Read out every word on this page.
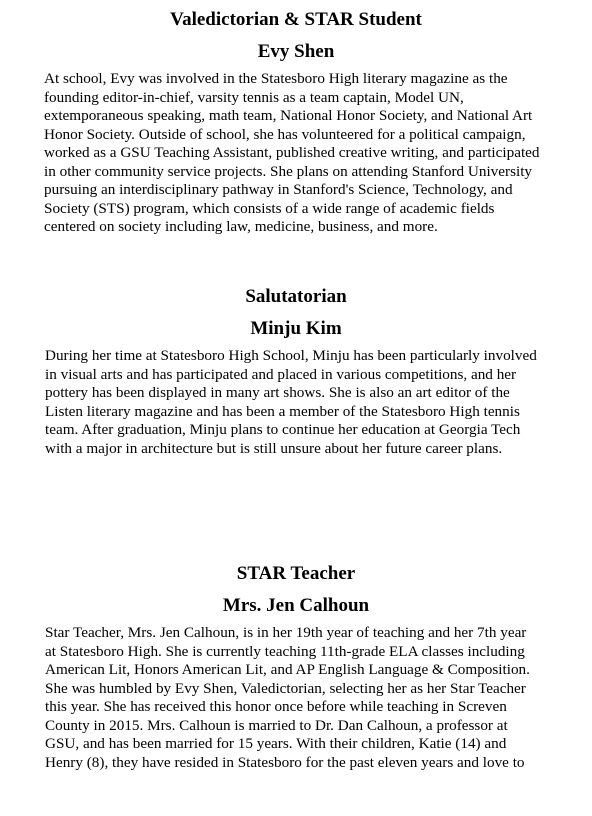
Valedictorian & STAR Student
Evy Shen
At school, Evy was involved in the Statesboro High literary magazine as the
founding editor-in-chief, varsity tennis as a team captain, Model UN,
extemporaneous speaking, math team, National Honor Society, and National Art
Honor Society. Outside of school, she has volunteered for a political campaign,
worked as a GSU Teaching Assistant, published creative writing, and participated
in other community service projects. She plans on attending Stanford University
pursuing an interdisciplinary pathway in Stanford's Science, Technology, and
Society (STS) program, which consists of a wide range of academic fields
centered on society including law, medicine, business, and more.
Salutatorian
Minju Kim
During her time at Statesboro High School, Minju has been particularly involved
in visual arts and has participated and placed in various competitions, and her
pottery has been displayed in many art shows. She is also an art editor of the
Listen literary magazine and has been a member of the Statesboro High tennis
team. After graduation, Minju plans to continue her education at Georgia Tech
with a major in architecture but is still unsure about her future career plans.
STAR Teacher
Mrs. Jen Calhoun
Star Teacher, Mrs. Jen Calhoun, is in her 19th year of teaching and her 7th year
at Statesboro High. She is currently teaching 11th-grade ELA classes including
American Lit, Honors American Lit, and AP English Language & Composition.
She was humbled by Evy Shen, Valedictorian, selecting her as her Star Teacher
this year. She has received this honor once before while teaching in Screven
County in 2015. Mrs. Calhoun is married to Dr. Dan Calhoun, a professor at
GSU, and has been married for 15 years. With their children, Katie (14) and
Henry (8), they have resided in Statesboro for the past eleven years and love to
